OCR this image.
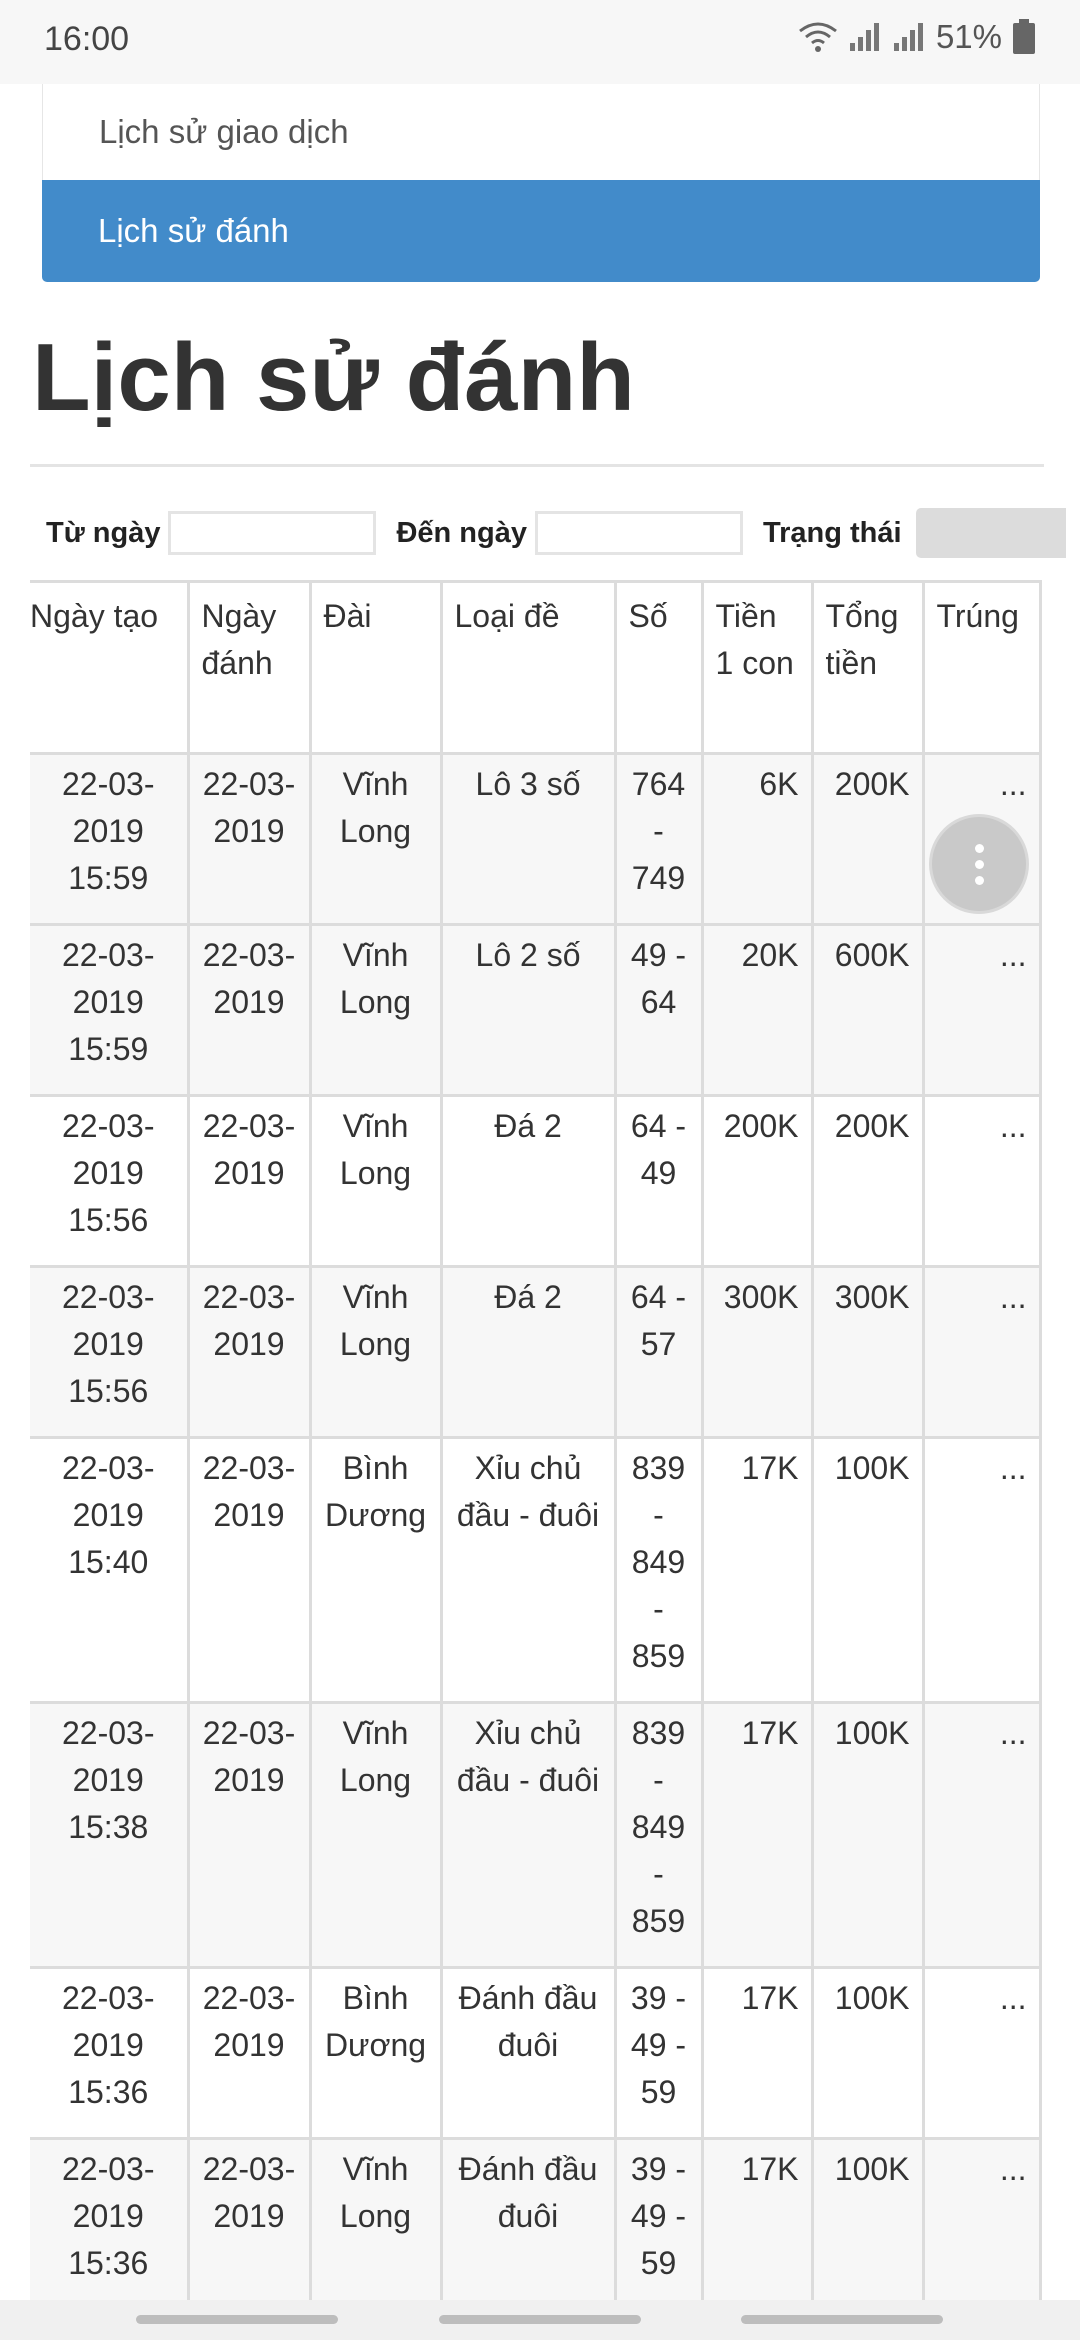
16:00	51%
Lịch sử giao dịch
Lịch sử đánh
Lịch sử đánh
Từ ngày	Đến ngày	Trạng thái
Ngày tạo	Ngày đánh	Đài	Loại đề	Số	Tiền 1 con	Tổng tiền	Trúng
22-03-2019 15:59	22-03-2019	Vĩnh Long	Lô 3 số	764 - 749	6K	200K	...
22-03-2019 15:59	22-03-2019	Vĩnh Long	Lô 2 số	49 - 64	20K	600K	...
22-03-2019 15:56	22-03-2019	Vĩnh Long	Đá 2	64 - 49	200K	200K	...
22-03-2019 15:56	22-03-2019	Vĩnh Long	Đá 2	64 - 57	300K	300K	...
22-03-2019 15:40	22-03-2019	Bình Dương	Xỉu chủ đầu - đuôi	839 - 849 - 859	17K	100K	...
22-03-2019 15:38	22-03-2019	Vĩnh Long	Xỉu chủ đầu - đuôi	839 - 849 - 859	17K	100K	...
22-03-2019 15:36	22-03-2019	Bình Dương	Đánh đầu đuôi	39 - 49 - 59	17K	100K	...
22-03-2019 15:36	22-03-2019	Vĩnh Long	Đánh đầu đuôi	39 - 49 - 59	17K	100K	...
